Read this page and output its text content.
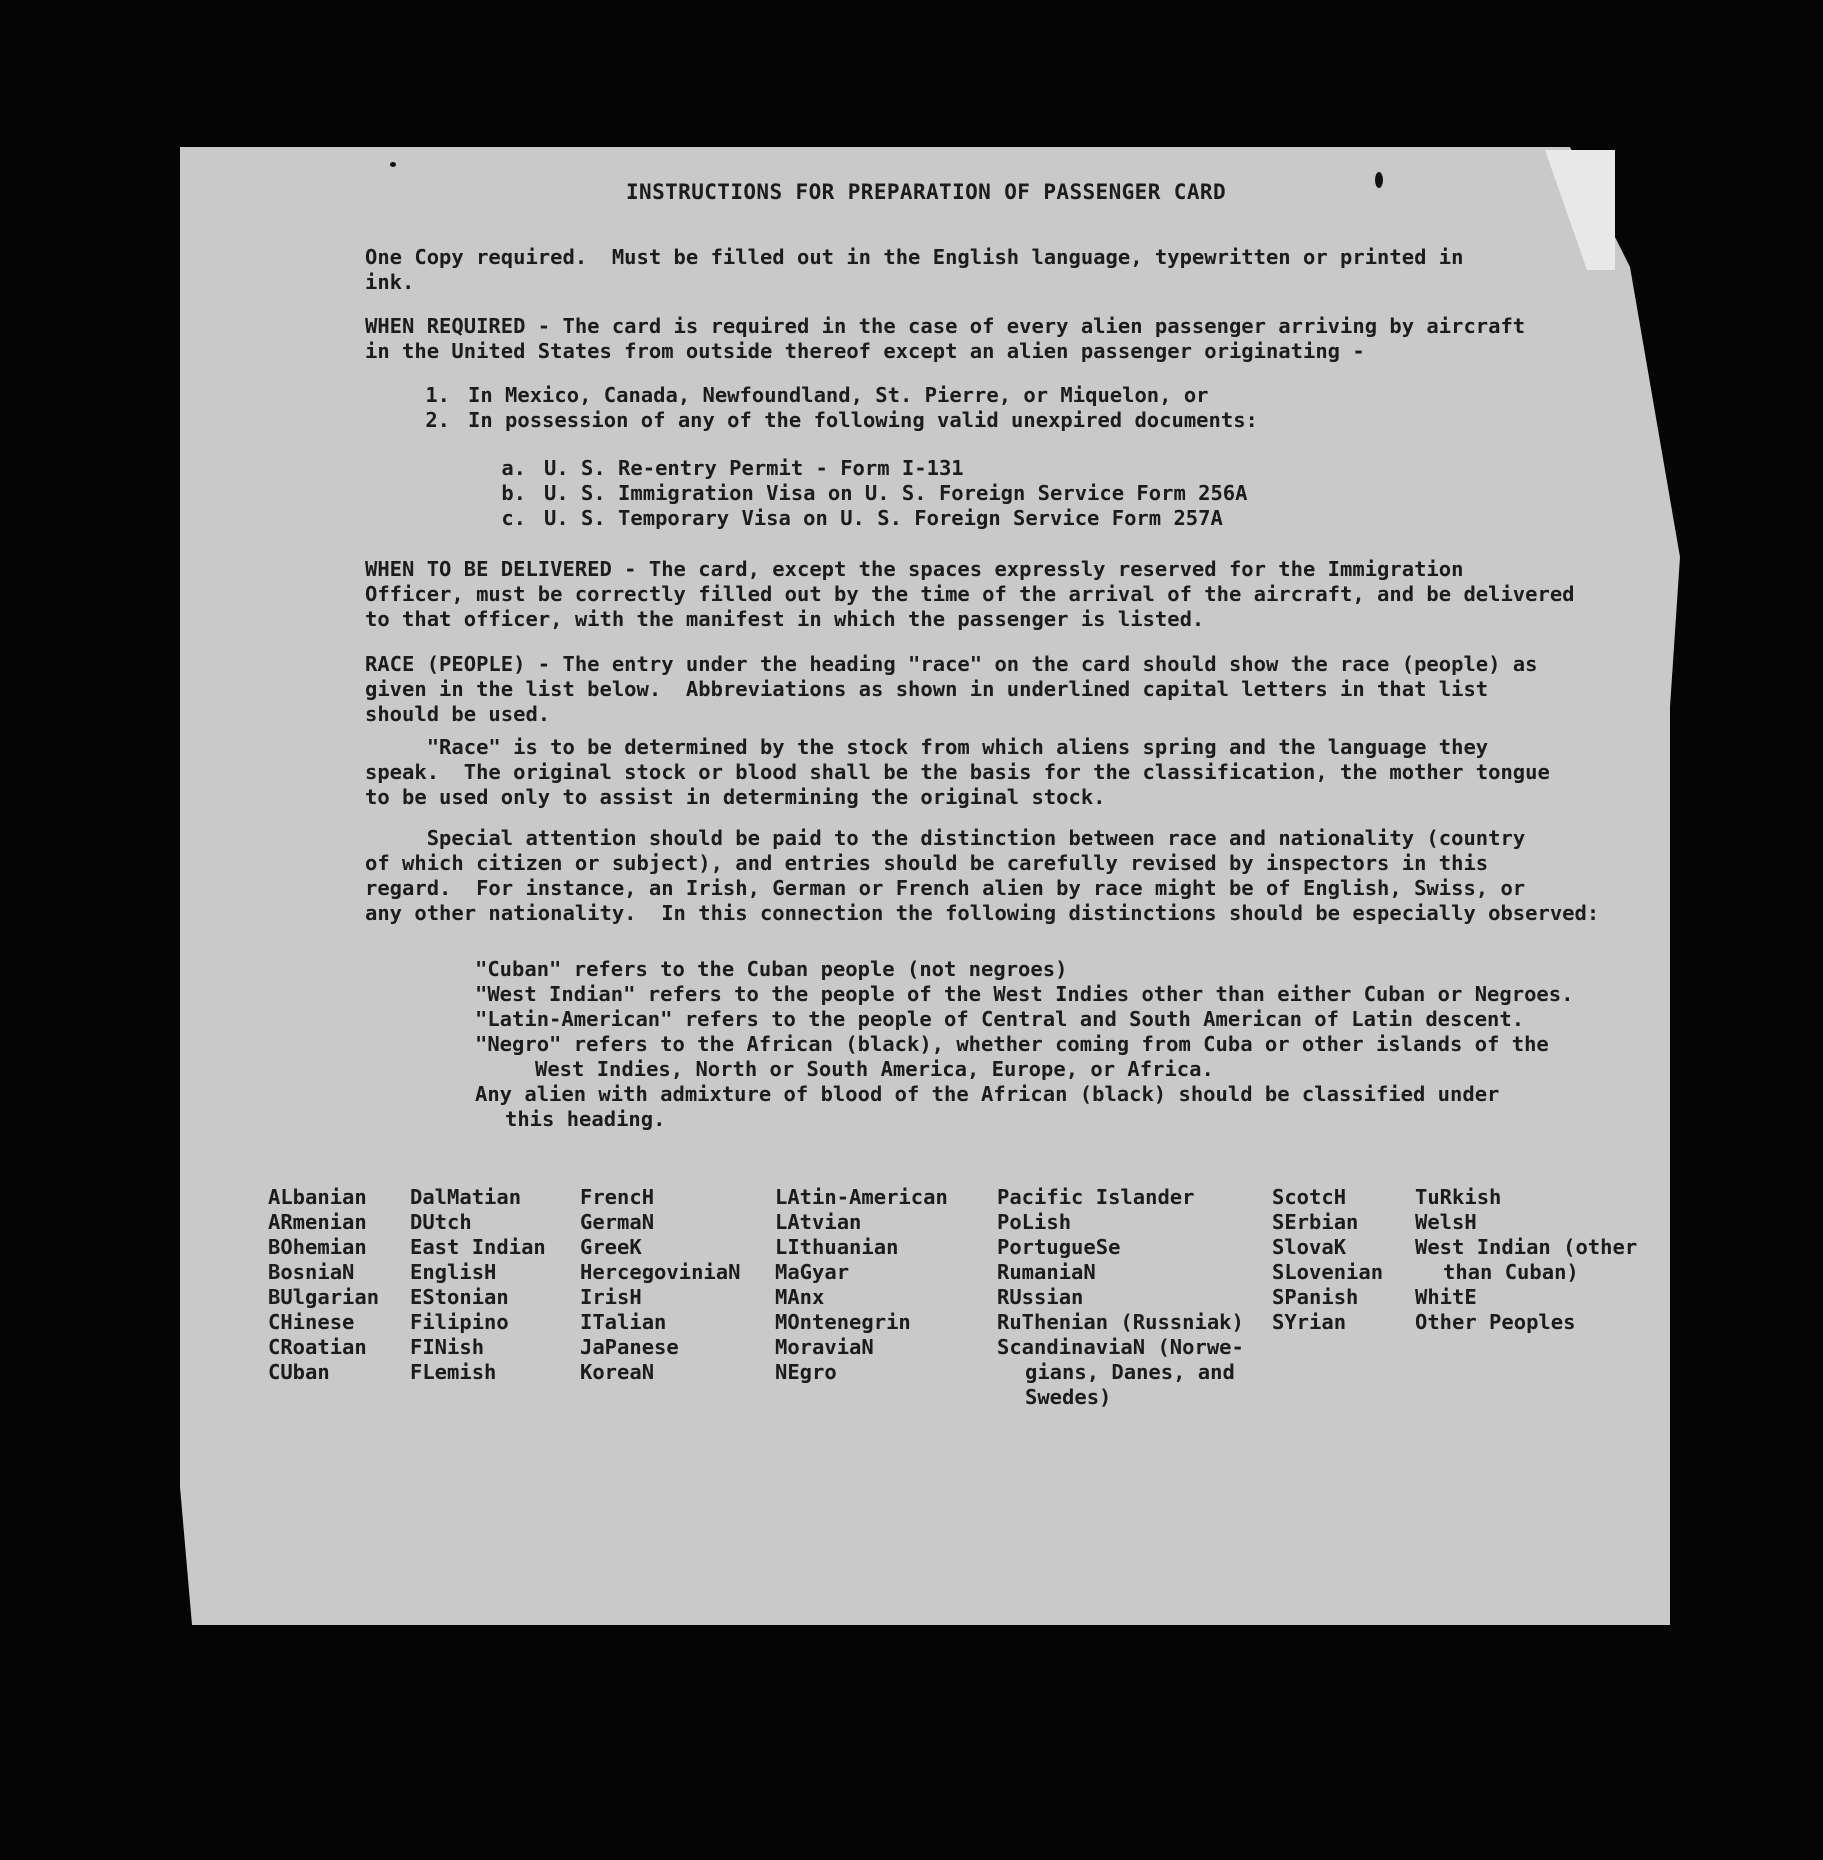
INSTRUCTIONS FOR PREPARATION OF PASSENGER CARD
One Copy required.  Must be filled out in the English language, typewritten or printed in
ink.
WHEN REQUIRED - The card is required in the case of every alien passenger arriving by aircraft
in the United States from outside thereof except an alien passenger originating -
1. In Mexico, Canada, Newfoundland, St. Pierre, or Miquelon, or
2. In possession of any of the following valid unexpired documents:
a. U. S. Re-entry Permit - Form I-131
b. U. S. Immigration Visa on U. S. Foreign Service Form 256A
c. U. S. Temporary Visa on U. S. Foreign Service Form 257A
WHEN TO BE DELIVERED - The card, except the spaces expressly reserved for the Immigration
Officer, must be correctly filled out by the time of the arrival of the aircraft, and be delivered
to that officer, with the manifest in which the passenger is listed.
RACE (PEOPLE) - The entry under the heading "race" on the card should show the race (people) as
given in the list below.  Abbreviations as shown in underlined capital letters in that list
should be used.
"Race" is to be determined by the stock from which aliens spring and the language they
speak.  The original stock or blood shall be the basis for the classification, the mother tongue
to be used only to assist in determining the original stock.
Special attention should be paid to the distinction between race and nationality (country
of which citizen or subject), and entries should be carefully revised by inspectors in this
regard.  For instance, an Irish, German or French alien by race might be of English, Swiss, or
any other nationality.  In this connection the following distinctions should be especially observed:
"Cuban" refers to the Cuban people (not negroes)
"West Indian" refers to the people of the West Indies other than either Cuban or Negroes.
"Latin-American" refers to the people of Central and South American of Latin descent.
"Negro" refers to the African (black), whether coming from Cuba or other islands of the
West Indies, North or South America, Europe, or Africa.
Any alien with admixture of blood of the African (black) should be classified under
this heading.
ALbanian
ARmenian
BOhemian
BosniaN
BUlgarian
CHinese
CRoatian
CUban
DalMatian
DUtch
East Indian
EnglisH
EStonian
Filipino
FINish
FLemish
FrencH
GermaN
GreeK
HercegoviniaN
IrisH
ITalian
JaPanese
KoreaN
LAtin-American
LAtvian
LIthuanian
MaGyar
MAnx
MOntenegrin
MoraviaN
NEgro
Pacific Islander
PoLish
PortugueSe
RumaniaN
RUssian
RuThenian (Russniak)
ScandinaviaN (Norwe-
gians, Danes, and
Swedes)
ScotcH
SErbian
SlovaK
SLovenian
SPanish
SYrian
TuRkish
WelsH
West Indian (other
than Cuban)
WhitE
Other Peoples
